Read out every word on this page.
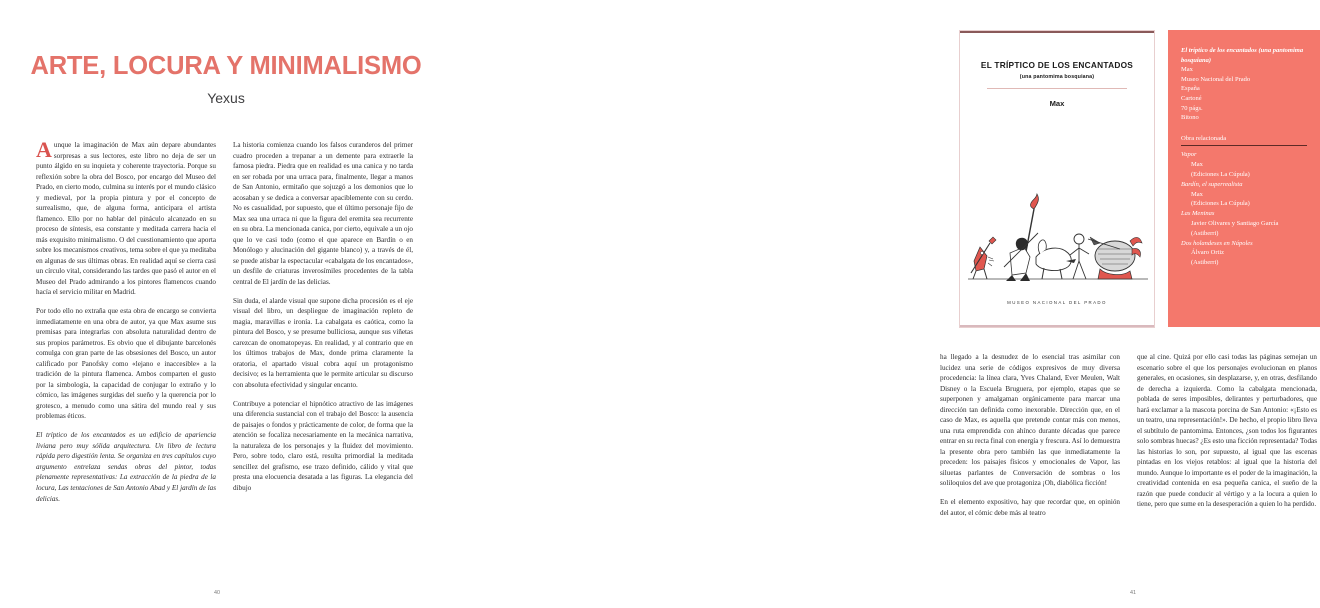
ARTE, LOCURA Y MINIMALISMO
Yexus

Aunque la imaginación de Max aún depare abundantes sorpresas a sus lectores, este libro no deja de ser un punto álgido en su inquieta y coherente trayectoria. Porque su reflexión sobre la obra del Bosco, por encargo del Museo del Prado, en cierto modo, culmina su interés por el mundo clásico y medieval, por la propia pintura y por el concepto de surrealismo, que, de alguna forma, anticipara el artista flamenco. Ello por no hablar del pináculo alcanzado en su proceso de síntesis, esa constante y meditada carrera hacia el más exquisito minimalismo. O del cuestionamiento que aporta sobre los mecanismos creativos, tema sobre el que ya meditaba en algunas de sus últimas obras. En realidad aquí se cierra casi un círculo vital, considerando las tardes que pasó el autor en el Museo del Prado admirando a los pintores flamencos cuando hacía el servicio militar en Madrid.

Por todo ello no extraña que esta obra de encargo se convierta inmediatamente en una obra de autor, ya que Max asume sus premisas para integrarlas con absoluta naturalidad dentro de sus propios parámetros. Es obvio que el dibujante barcelonés comulga con gran parte de las obsesiones del Bosco, un autor calificado por Panofsky como «lejano e inaccesible» a la tradición de la pintura flamenca. Ambos comparten el gusto por la simbología, la capacidad de conjugar lo extraño y lo cómico, las imágenes surgidas del sueño y la querencia por lo grotesco, a menudo como una sátira del mundo real y sus problemas éticos.

El tríptico de los encantados es un edificio de apariencia liviana pero muy sólida arquitectura. Un libro de lectura rápida pero digestión lenta. Se organiza en tres capítulos cuyo argumento entrelaza sendas obras del pintor, todas plenamente representativas: La extracción de la piedra de la locura, Las tentaciones de San Antonio Abad y El jardín de las delicias.

La historia comienza cuando los falsos curanderos del primer cuadro proceden a trepanar a un demente para extraerle la famosa piedra. Piedra que en realidad es una canica y no tarda en ser robada por una urraca para, finalmente, llegar a manos de San Antonio, ermitaño que sojuzgó a los demonios que lo acosaban y se dedica a conversar apaciblemente con su cerdo. No es casualidad, por supuesto, que el último personaje fijo de Max sea una urraca ni que la figura del eremita sea recurrente en su obra. La mencionada canica, por cierto, equivale a un ojo que lo ve casi todo (como el que aparece en Bardín o en Monólogo y alucinación del gigante blanco) y, a través de él, se puede atisbar la espectacular «cabalgata de los encantados», un desfile de criaturas inverosímiles procedentes de la tabla central de El jardín de las delicias.

Sin duda, el alarde visual que supone dicha procesión es el eje visual del libro, un despliegue de imaginación repleto de magia, maravillas e ironía. La cabalgata es caótica, como la pintura del Bosco, y se presume bulliciosa, aunque sus viñetas carezcan de onomatopeyas. En realidad, y al contrario que en los últimos trabajos de Max, donde prima claramente la oratoria, el apartado visual cobra aquí un protagonismo decisivo; es la herramienta que le permite articular su discurso con absoluta efectividad y singular encanto.

Contribuye a potenciar el hipnótico atractivo de las imágenes una diferencia sustancial con el trabajo del Bosco: la ausencia de paisajes o fondos y prácticamente de color, de forma que la atención se focaliza necesariamente en la mecánica narrativa, la naturaleza de los personajes y la fluidez del movimiento. Pero, sobre todo, claro está, resulta primordial la meditada sencillez del grafismo, ese trazo definido, cálido y vital que presta una elocuencia desatada a las figuras. La elegancia del dibujo

40
EL TRÍPTICO DE LOS ENCANTADOS
(una pantomima bosquiana)
Max
MUSEO NACIONAL DEL PRADO
El tríptico de los encantados (una pantomima bosquiana)
Max
Museo Nacional del Prado
España
Cartoné
70 págs.
Bitono
Obra relacionada
Vapor
Max
(Ediciones La Cúpula)
Bardín, el superrealista
Max
(Ediciones La Cúpula)
Las Meninas
Javier Olivares y Santiago García
(Astiberri)
Dos holandeses en Nápoles
Álvaro Ortiz
(Astiberri)

ha llegado a la desnudez de lo esencial tras asimilar con lucidez una serie de códigos expresivos de muy diversa procedencia: la línea clara, Yves Chaland, Ever Meulen, Walt Disney o la Escuela Bruguera, por ejemplo, etapas que se superponen y amalgaman orgánicamente para marcar una dirección tan definida como inexorable. Dirección que, en el caso de Max, es aquella que pretende contar más con menos, una ruta emprendida con ahínco durante décadas que parece entrar en su recta final con energía y frescura. Así lo demuestra la presente obra pero también las que inmediatamente la preceden: los paisajes físicos y emocionales de Vapor, las siluetas parlantes de Conversación de sombras o los soliloquios del ave que protagoniza ¡Oh, diabólica ficción!

En el elemento expositivo, hay que recordar que, en opinión del autor, el cómic debe más al teatro

que al cine. Quizá por ello casi todas las páginas semejan un escenario sobre el que los personajes evolucionan en planos generales, en ocasiones, sin desplazarse, y, en otras, desfilando de derecha a izquierda. Como la cabalgata mencionada, poblada de seres imposibles, delirantes y perturbadores, que hará exclamar a la mascota porcina de San Antonio: «¡Esto es un teatro, una representación!». De hecho, el propio libro lleva el subtítulo de pantomima. Entonces, ¿son todos los figurantes solo sombras huecas? ¿Es esto una ficción representada? Todas las historias lo son, por supuesto, al igual que las escenas pintadas en los viejos retablos: al igual que la historia del mundo. Aunque lo importante es el poder de la imaginación, la creatividad contenida en esa pequeña canica, el sueño de la razón que puede conducir al vértigo y a la locura a quien lo tiene, pero que sume en la desesperación a quien lo ha perdido.

41
